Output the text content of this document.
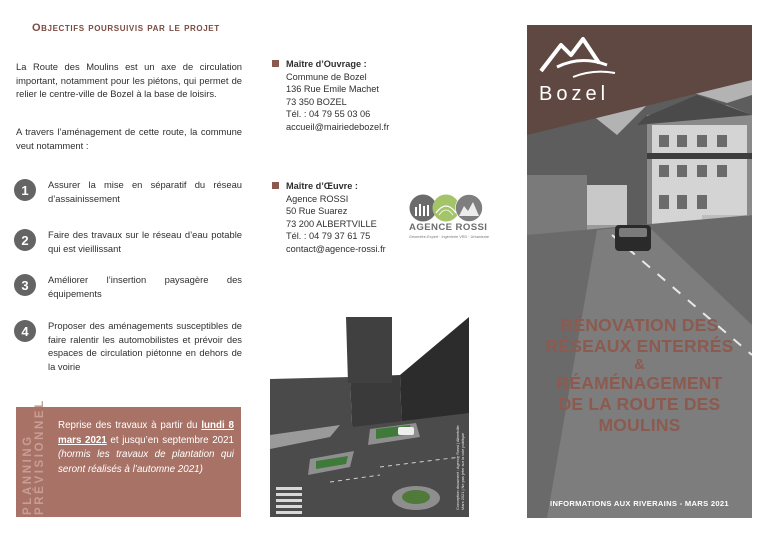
Objectifs poursuivis par le projet

La Route des Moulins est un axe de circulation important, notamment pour les piétons, qui permet de relier le centre-ville de Bozel à la base de loisirs.

A travers l’aménagement de cette route, la commune veut notamment :

1	Assurer la mise en séparatif du réseau d’assainissement
2	Faire des travaux sur le réseau d’eau potable qui est vieillissant
3	Améliorer l’insertion paysagère des équipements
4	Proposer des aménagements susceptibles de faire ralentir les automobilistes et prévoir des espaces de circulation piétonne en dehors de la voirie
PLANNING PRÉVISIONNEL Reprise des travaux à partir du lundi 8 mars 2021 et jusqu’en septembre 2021 (hormis les travaux de plantation qui seront réalisés à l’automne 2021)
Maître d’Ouvrage :
Commune de Bozel
136 Rue Emile Machet
73 350 BOZEL
Tél. : 04 79 55 03 06
accueil@mairiedebozel.fr
Maître d’Œuvre :
Agence ROSSI
50 Rue Suarez
73 200 ALBERTVILLE
Tél. : 04 79 37 61 75
contact@agence-rossi.fr
AGENCE ROSSI
Géomètre-Expert · Ingénierie VRD · Urbanisme
Conception document : Agence Rossi | Albertville Mars 2021 | Ne pas jeter sur la voie publique
Bozel
RÉNOVATION DES
RÉSEAUX ENTERRÉS
&
RÉAMÉNAGEMENT
DE LA ROUTE DES
MOULINS
INFORMATIONS AUX RIVERAINS - MARS 2021
